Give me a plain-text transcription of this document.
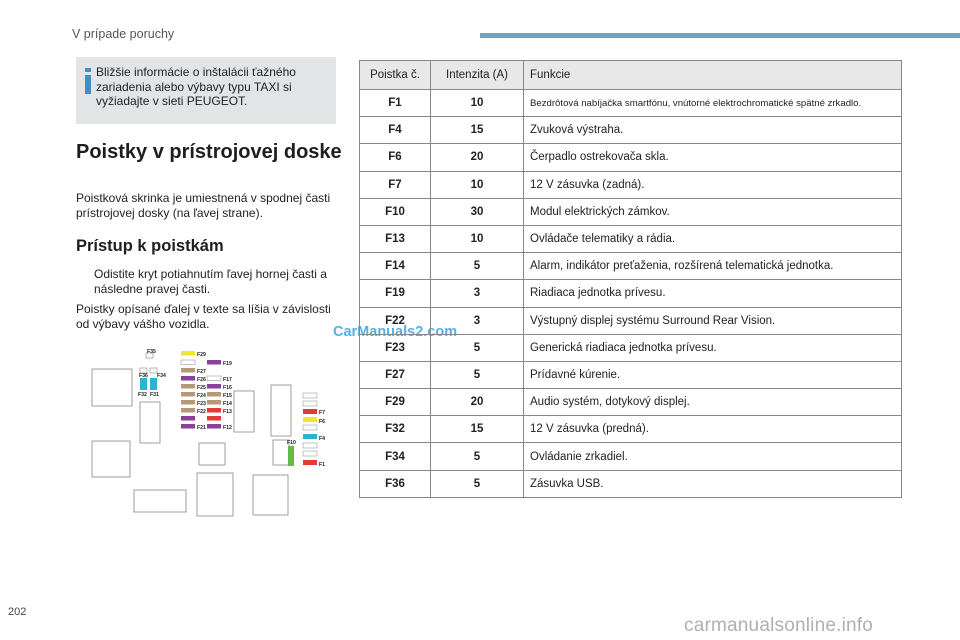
V prípade poruchy
Bližšie informácie o inštalácii ťažného zariadenia alebo výbavy typu TAXI si vyžiadajte v sieti PEUGEOT.
Poistky v prístrojovej doske
Poistková skrinka je umiestnená v spodnej časti prístrojovej dosky (na ľavej strane).
Prístup k poistkám
Odistite kryt potiahnutím ľavej hornej časti a následne pravej časti.
Poistky opísané ďalej v texte sa líšia v závislosti od výbavy vášho vozidla.
CarManuals2.com
F35
F36 F34
F32 F31
F29
F19
F27
F26	F17
F25	F16
F24	F15
F23	F14
F22	F13
F21	F12
F7
F6
F4
F10
F1
Poistka č.	Intenzita (A)	Funkcie
F1	10	Bezdrôtová nabíjačka smartfónu, vnútorné elektrochromatické spätné zrkadlo.
F4	15	Zvuková výstraha.
F6	20	Čerpadlo ostrekovača skla.
F7	10	12 V zásuvka (zadná).
F10	30	Modul elektrických zámkov.
F13	10	Ovládače telematiky a rádia.
F14	5	Alarm, indikátor preťaženia, rozšírená telematická jednotka.
F19	3	Riadiaca jednotka prívesu.
F22	3	Výstupný displej systému Surround Rear Vision.
F23	5	Generická riadiaca jednotka prívesu.
F27	5	Prídavné kúrenie.
F29	20	Audio systém, dotykový displej.
F32	15	12 V zásuvka (predná).
F34	5	Ovládanie zrkadiel.
F36	5	Zásuvka USB.
202
carmanualsonline.info
